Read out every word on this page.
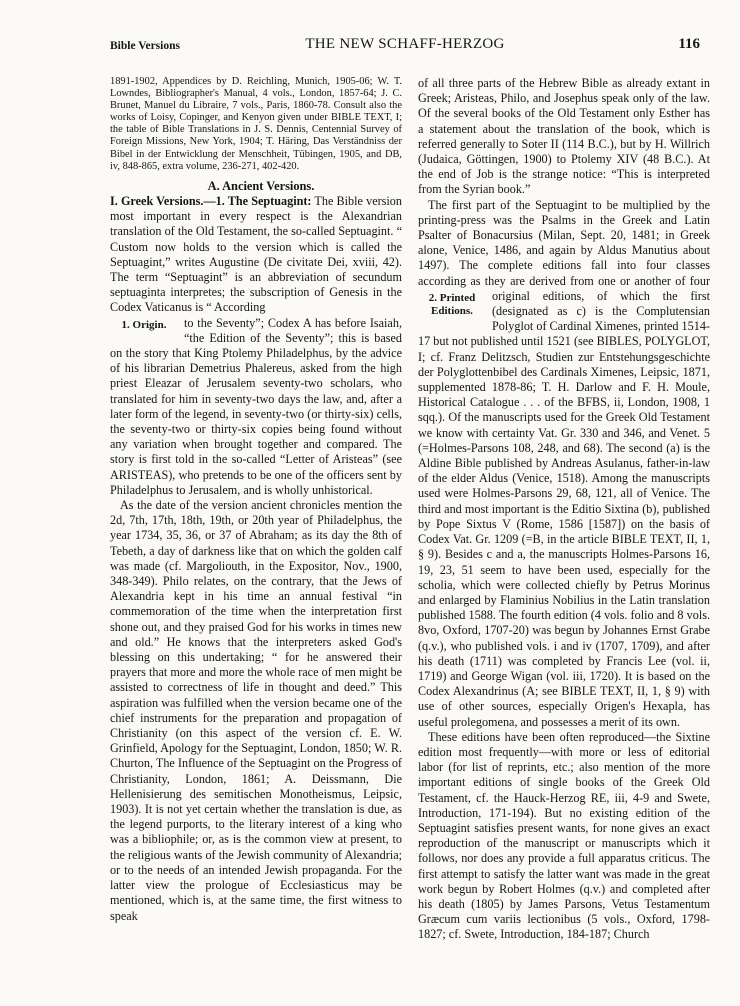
Bible Versions	THE NEW SCHAFF-HERZOG	116

1891-1902, Appendices by D. Reichling, Munich, 1905-06; W. T. Lowndes, Bibliographer's Manual, 4 vols., London, 1857-64; J. C. Brunet, Manuel du Libraire, 7 vols., Paris, 1860-78. Consult also the works of Loisy, Copinger, and Kenyon given under BIBLE TEXT, I; the table of Bible Translations in J. S. Dennis, Centennial Survey of Foreign Missions, New York, 1904; T. Häring, Das Verständniss der Bibel in der Entwicklung der Menschheit, Tübingen, 1905, and DB, iv, 848-865, extra volume, 236-271, 402-420.

A. Ancient Versions.

I. Greek Versions.—1. The Septuagint: The Bible version most important in every respect is the Alexandrian translation of the Old Testament, the so-called Septuagint. “ Custom now holds to the version which is called the Septuagint,” writes Augustine (De civitate Dei, xviii, 42). The term “Septuagint” is an abbreviation of secundum septuaginta interpretes; the subscription of Genesis in the Codex Vaticanus is “ According

1. Origin.	to the Seventy”; Codex A has before Isaiah, “the Edition of the Seventy”; this is based on the story that King Ptolemy Philadelphus, by the advice of his librarian Demetrius Phalereus, asked from the high priest Eleazar of Jerusalem seventy-two scholars, who translated for him in seventy-two days the law, and, after a later form of the legend, in seventy-two (or thirty-six) cells, the seventy-two or thirty-six copies being found without any variation when brought together and compared. The story is first told in the so-called “Letter of Aristeas” (see ARISTEAS), who pretends to be one of the officers sent by Philadelphus to Jerusalem, and is wholly unhistorical.

As the date of the version ancient chronicles mention the 2d, 7th, 17th, 18th, 19th, or 20th year of Philadelphus, the year 1734, 35, 36, or 37 of Abraham; as its day the 8th of Tebeth, a day of darkness like that on which the golden calf was made (cf. Margoliouth, in the Expositor, Nov., 1900, 348-349). Philo relates, on the contrary, that the Jews of Alexandria kept in his time an annual festival “in commemoration of the time when the interpretation first shone out, and they praised God for his works in times new and old.” He knows that the interpreters asked God's blessing on this undertaking; “ for he answered their prayers that more and more the whole race of men might be assisted to correctness of life in thought and deed.” This aspiration was fulfilled when the version became one of the chief instruments for the preparation and propagation of Christianity (on this aspect of the version cf. E. W. Grinfield, Apology for the Septuagint, London, 1850; W. R. Churton, The Influence of the Septuagint on the Progress of Christianity, London, 1861; A. Deissmann, Die Hellenisierung des semitischen Monotheismus, Leipsic, 1903). It is not yet certain whether the translation is due, as the legend purports, to the literary interest of a king who was a bibliophile; or, as is the common view at present, to the religious wants of the Jewish community of Alexandria; or to the needs of an intended Jewish propaganda. For the latter view the prologue of Ecclesiasticus may be mentioned, which is, at the same time, the first witness to speak

of all three parts of the Hebrew Bible as already extant in Greek; Aristeas, Philo, and Josephus speak only of the law. Of the several books of the Old Testament only Esther has a statement about the translation of the book, which is referred generally to Soter II (114 B.C.), but by H. Willrich (Judaica, Göttingen, 1900) to Ptolemy XIV (48 B.C.). At the end of Job is the strange notice: “This is interpreted from the Syrian book.”

The first part of the Septuagint to be multiplied by the printing-press was the Psalms in the Greek and Latin Psalter of Bonacursius (Milan, Sept. 20, 1481; in Greek alone, Venice, 1486, and again by Aldus Manutius about 1497). The complete editions fall into four classes according as they are derived from one or another of four original editions,
2. Printed Editions.
of which the first (designated as c) is the Complutensian Polyglot of Cardinal Ximenes, printed 1514-17 but not published until 1521 (see BIBLES, POLYGLOT, I; cf. Franz Delitzsch, Studien zur Entstehungsgeschichte der Polyglottenbibel des Cardinals Ximenes, Leipsic, 1871, supplemented 1878-86; T. H. Darlow and F. H. Moule, Historical Catalogue . . . of the BFBS, ii, London, 1908, 1 sqq.). Of the manuscripts used for the Greek Old Testament we know with certainty Vat. Gr. 330 and 346, and Venet. 5 (=Holmes-Parsons 108, 248, and 68). The second (a) is the Aldine Bible published by Andreas Asulanus, father-in-law of the elder Aldus (Venice, 1518). Among the manuscripts used were Holmes-Parsons 29, 68, 121, all of Venice. The third and most important is the Editio Sixtina (b), published by Pope Sixtus V (Rome, 1586 [1587]) on the basis of Codex Vat. Gr. 1209 (=B, in the article BIBLE TEXT, II, 1, § 9). Besides c and a, the manuscripts Holmes-Parsons 16, 19, 23, 51 seem to have been used, especially for the scholia, which were collected chiefly by Petrus Morinus and enlarged by Flaminius Nobilius in the Latin translation published 1588. The fourth edition (4 vols. folio and 8 vols. 8vo, Oxford, 1707-20) was begun by Johannes Ernst Grabe (q.v.), who published vols. i and iv (1707, 1709), and after his death (1711) was completed by Francis Lee (vol. ii, 1719) and George Wigan (vol. iii, 1720). It is based on the Codex Alexandrinus (A; see BIBLE TEXT, II, 1, § 9) with use of other sources, especially Origen's Hexapla, has useful prolegomena, and possesses a merit of its own.

These editions have been often reproduced—the Sixtine edition most frequently—with more or less of editorial labor (for list of reprints, etc.; also mention of the more important editions of single books of the Greek Old Testament, cf. the Hauck-Herzog RE, iii, 4-9 and Swete, Introduction, 171-194). But no existing edition of the Septuagint satisfies present wants, for none gives an exact reproduction of the manuscript or manuscripts which it follows, nor does any provide a full apparatus criticus. The first attempt to satisfy the latter want was made in the great work begun by Robert Holmes (q.v.) and completed after his death (1805) by James Parsons, Vetus Testamentum Græcum cum variis lectionibus (5 vols., Oxford, 1798-1827; cf. Swete, Introduction, 184-187; Church
